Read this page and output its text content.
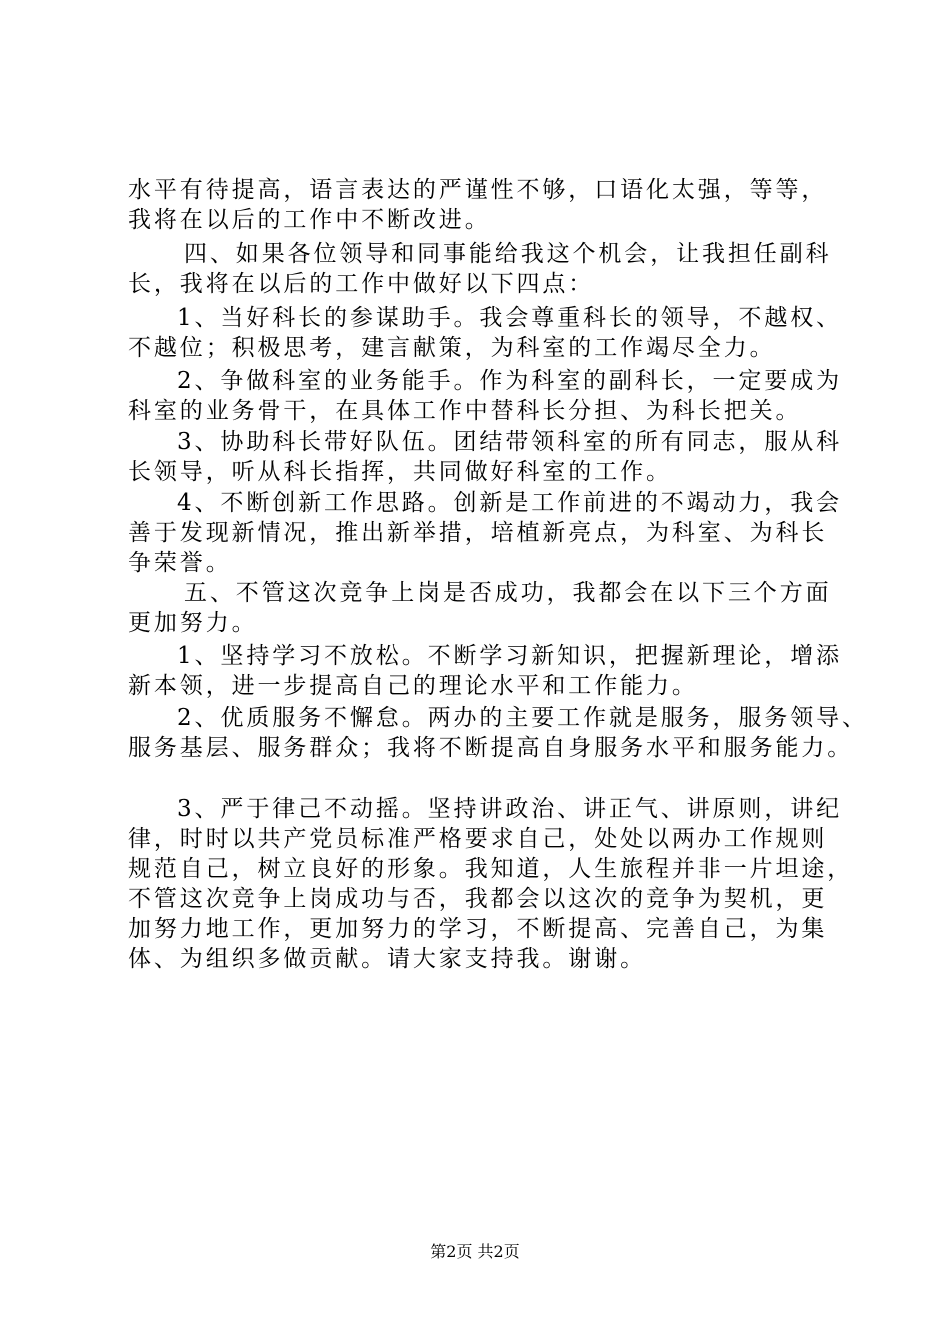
水平有待提高，语言表达的严谨性不够，口语化太强，等等，
我将在以后的工作中不断改进。
四、如果各位领导和同事能给我这个机会，让我担任副科
长，我将在以后的工作中做好以下四点：
1、当好科长的参谋助手。我会尊重科长的领导，不越权、
不越位；积极思考，建言献策，为科室的工作竭尽全力。
2、争做科室的业务能手。作为科室的副科长，一定要成为
科室的业务骨干，在具体工作中替科长分担、为科长把关。
3、协助科长带好队伍。团结带领科室的所有同志，服从科
长领导，听从科长指挥，共同做好科室的工作。
4、不断创新工作思路。创新是工作前进的不竭动力，我会
善于发现新情况，推出新举措，培植新亮点，为科室、为科长
争荣誉。
五、不管这次竞争上岗是否成功，我都会在以下三个方面
更加努力。
1、坚持学习不放松。不断学习新知识，把握新理论，增添
新本领，进一步提高自己的理论水平和工作能力。
2、优质服务不懈怠。两办的主要工作就是服务，服务领导、
服务基层、服务群众；我将不断提高自身服务水平和服务能力。
3、严于律己不动摇。坚持讲政治、讲正气、讲原则，讲纪
律，时时以共产党员标准严格要求自己，处处以两办工作规则
规范自己，树立良好的形象。我知道，人生旅程并非一片坦途，
不管这次竞争上岗成功与否，我都会以这次的竞争为契机，更
加努力地工作，更加努力的学习，不断提高、完善自己，为集
体、为组织多做贡献。请大家支持我。谢谢。
第2页 共2页
